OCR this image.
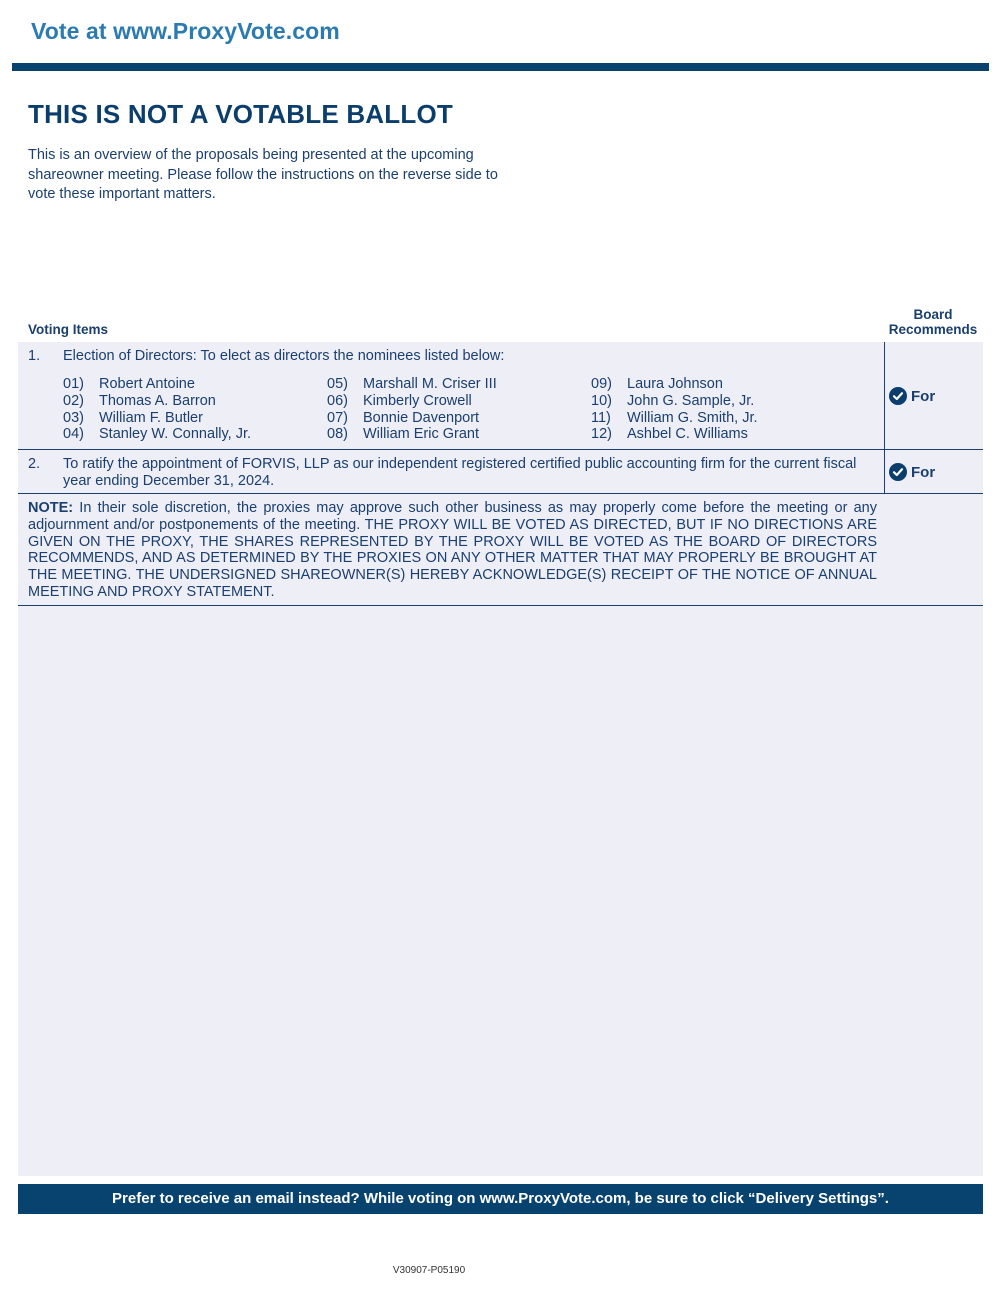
Vote at www.ProxyVote.com
THIS IS NOT A VOTABLE BALLOT

This is an overview of the proposals being presented at the upcoming shareowner meeting. Please follow the instructions on the reverse side to vote these important matters.

Voting Items
Board
Recommends
1. Election of Directors: To elect as directors the nominees listed below:
01) Robert Antoine
02) Thomas A. Barron
03) William F. Butler
04) Stanley W. Connally, Jr.
05) Marshall M. Criser III
06) Kimberly Crowell
07) Bonnie Davenport
08) William Eric Grant
09) Laura Johnson
10) John G. Sample, Jr.
11) William G. Smith, Jr.
12) Ashbel C. Williams
For
2. To ratify the appointment of FORVIS, LLP as our independent registered certified public accounting firm for the current fiscal year ending December 31, 2024.
For
NOTE: In their sole discretion, the proxies may approve such other business as may properly come before the meeting or any adjournment and/or postponements of the meeting. THE PROXY WILL BE VOTED AS DIRECTED, BUT IF NO DIRECTIONS ARE GIVEN ON THE PROXY, THE SHARES REPRESENTED BY THE PROXY WILL BE VOTED AS THE BOARD OF DIRECTORS RECOMMENDS, AND AS DETERMINED BY THE PROXIES ON ANY OTHER MATTER THAT MAY PROPERLY BE BROUGHT AT THE MEETING. THE UNDERSIGNED SHAREOWNER(S) HEREBY ACKNOWLEDGE(S) RECEIPT OF THE NOTICE OF ANNUAL MEETING AND PROXY STATEMENT.
Prefer to receive an email instead? While voting on www.ProxyVote.com, be sure to click “Delivery Settings”.
V30907-P05190
